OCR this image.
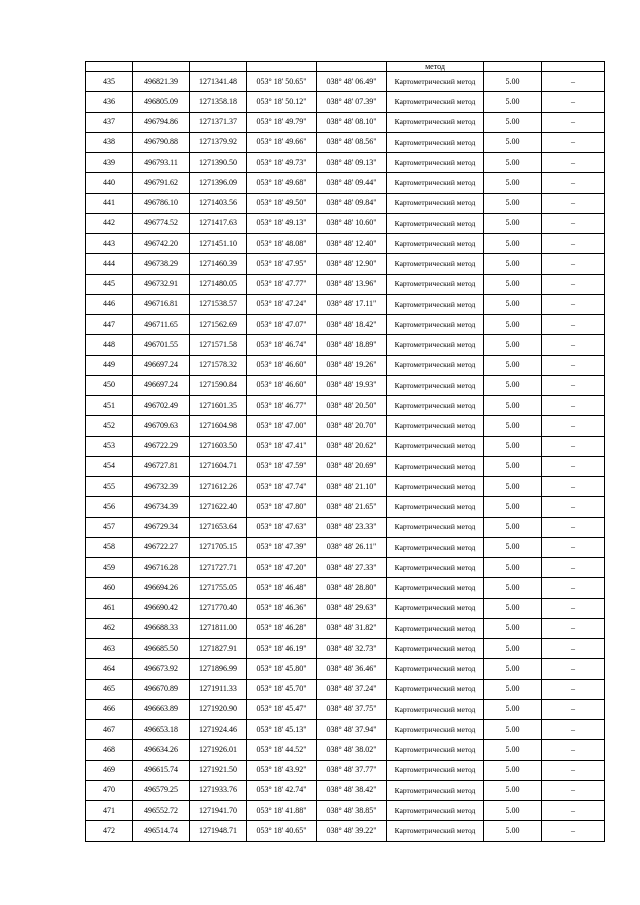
					метод		
435	496821.39	1271341.48	053° 18' 50.65"	038° 48' 06.49"	Картометрический метод	5.00	–
436	496805.09	1271358.18	053° 18' 50.12"	038° 48' 07.39"	Картометрический метод	5.00	–
437	496794.86	1271371.37	053° 18' 49.79"	038° 48' 08.10"	Картометрический метод	5.00	–
438	496790.88	1271379.92	053° 18' 49.66"	038° 48' 08.56"	Картометрический метод	5.00	–
439	496793.11	1271390.50	053° 18' 49.73"	038° 48' 09.13"	Картометрический метод	5.00	–
440	496791.62	1271396.09	053° 18' 49.68"	038° 48' 09.44"	Картометрический метод	5.00	–
441	496786.10	1271403.56	053° 18' 49.50"	038° 48' 09.84"	Картометрический метод	5.00	–
442	496774.52	1271417.63	053° 18' 49.13"	038° 48' 10.60"	Картометрический метод	5.00	–
443	496742.20	1271451.10	053° 18' 48.08"	038° 48' 12.40"	Картометрический метод	5.00	–
444	496738.29	1271460.39	053° 18' 47.95"	038° 48' 12.90"	Картометрический метод	5.00	–
445	496732.91	1271480.05	053° 18' 47.77"	038° 48' 13.96"	Картометрический метод	5.00	–
446	496716.81	1271538.57	053° 18' 47.24"	038° 48' 17.11"	Картометрический метод	5.00	–
447	496711.65	1271562.69	053° 18' 47.07"	038° 48' 18.42"	Картометрический метод	5.00	–
448	496701.55	1271571.58	053° 18' 46.74"	038° 48' 18.89"	Картометрический метод	5.00	–
449	496697.24	1271578.32	053° 18' 46.60"	038° 48' 19.26"	Картометрический метод	5.00	–
450	496697.24	1271590.84	053° 18' 46.60"	038° 48' 19.93"	Картометрический метод	5.00	–
451	496702.49	1271601.35	053° 18' 46.77"	038° 48' 20.50"	Картометрический метод	5.00	–
452	496709.63	1271604.98	053° 18' 47.00"	038° 48' 20.70"	Картометрический метод	5.00	–
453	496722.29	1271603.50	053° 18' 47.41"	038° 48' 20.62"	Картометрический метод	5.00	–
454	496727.81	1271604.71	053° 18' 47.59"	038° 48' 20.69"	Картометрический метод	5.00	–
455	496732.39	1271612.26	053° 18' 47.74"	038° 48' 21.10"	Картометрический метод	5.00	–
456	496734.39	1271622.40	053° 18' 47.80"	038° 48' 21.65"	Картометрический метод	5.00	–
457	496729.34	1271653.64	053° 18' 47.63"	038° 48' 23.33"	Картометрический метод	5.00	–
458	496722.27	1271705.15	053° 18' 47.39"	038° 48' 26.11"	Картометрический метод	5.00	–
459	496716.28	1271727.71	053° 18' 47.20"	038° 48' 27.33"	Картометрический метод	5.00	–
460	496694.26	1271755.05	053° 18' 46.48"	038° 48' 28.80"	Картометрический метод	5.00	–
461	496690.42	1271770.40	053° 18' 46.36"	038° 48' 29.63"	Картометрический метод	5.00	–
462	496688.33	1271811.00	053° 18' 46.28"	038° 48' 31.82"	Картометрический метод	5.00	–
463	496685.50	1271827.91	053° 18' 46.19"	038° 48' 32.73"	Картометрический метод	5.00	–
464	496673.92	1271896.99	053° 18' 45.80"	038° 48' 36.46"	Картометрический метод	5.00	–
465	496670.89	1271911.33	053° 18' 45.70"	038° 48' 37.24"	Картометрический метод	5.00	–
466	496663.89	1271920.90	053° 18' 45.47"	038° 48' 37.75"	Картометрический метод	5.00	–
467	496653.18	1271924.46	053° 18' 45.13"	038° 48' 37.94"	Картометрический метод	5.00	–
468	496634.26	1271926.01	053° 18' 44.52"	038° 48' 38.02"	Картометрический метод	5.00	–
469	496615.74	1271921.50	053° 18' 43.92"	038° 48' 37.77"	Картометрический метод	5.00	–
470	496579.25	1271933.76	053° 18' 42.74"	038° 48' 38.42"	Картометрический метод	5.00	–
471	496552.72	1271941.70	053° 18' 41.88"	038° 48' 38.85"	Картометрический метод	5.00	–
472	496514.74	1271948.71	053° 18' 40.65"	038° 48' 39.22"	Картометрический метод	5.00	–
